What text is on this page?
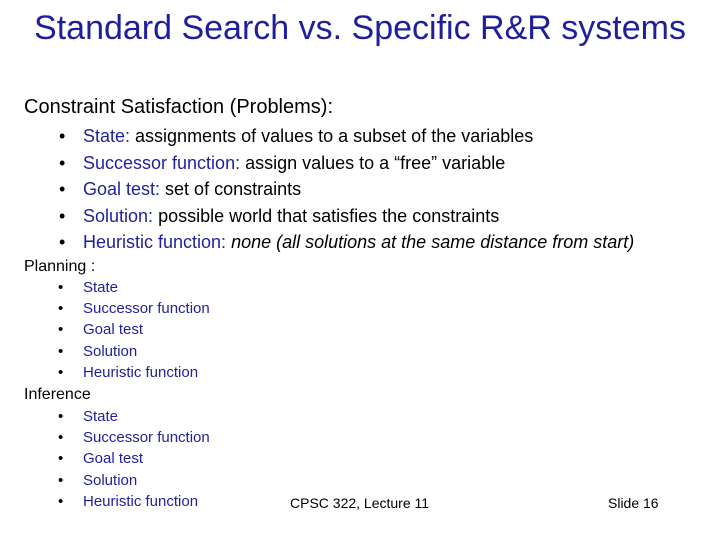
Standard Search vs. Specific R&R systems
Constraint Satisfaction (Problems):
• State: assignments of values to a subset of the variables
• Successor function: assign values to a “free” variable
• Goal test: set of constraints
• Solution: possible world that satisfies the constraints
• Heuristic function: none (all solutions at the same distance from start)
Planning :
• State
• Successor function
• Goal test
• Solution
• Heuristic function
Inference
• State
• Successor function
• Goal test
• Solution
• Heuristic function	CPSC 322, Lecture 11	Slide 16
